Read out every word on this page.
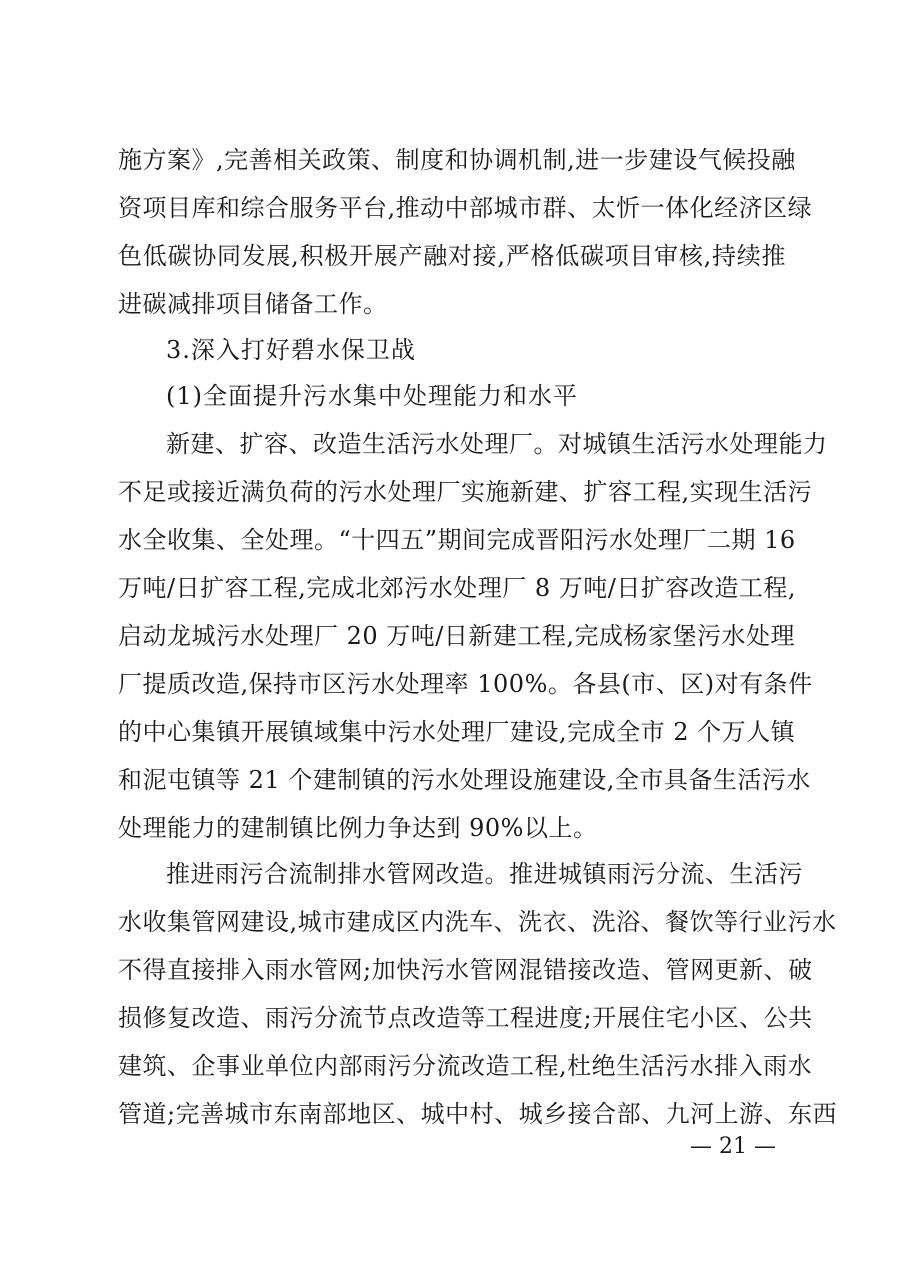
施方案》,完善相关政策、制度和协调机制,进一步建设气候投融
资项目库和综合服务平台,推动中部城市群、太忻一体化经济区绿
色低碳协同发展,积极开展产融对接,严格低碳项目审核,持续推
进碳减排项目储备工作。
3.深入打好碧水保卫战
(1)全面提升污水集中处理能力和水平
新建、扩容、改造生活污水处理厂。对城镇生活污水处理能力
不足或接近满负荷的污水处理厂实施新建、扩容工程,实现生活污
水全收集、全处理。“十四五”期间完成晋阳污水处理厂二期 16
万吨/日扩容工程,完成北郊污水处理厂 8 万吨/日扩容改造工程,
启动龙城污水处理厂 20 万吨/日新建工程,完成杨家堡污水处理
厂提质改造,保持市区污水处理率 100%。各县(市、区)对有条件
的中心集镇开展镇域集中污水处理厂建设,完成全市 2 个万人镇
和泥屯镇等 21 个建制镇的污水处理设施建设,全市具备生活污水
处理能力的建制镇比例力争达到 90%以上。
推进雨污合流制排水管网改造。推进城镇雨污分流、生活污
水收集管网建设,城市建成区内洗车、洗衣、洗浴、餐饮等行业污水
不得直接排入雨水管网;加快污水管网混错接改造、管网更新、破
损修复改造、雨污分流节点改造等工程进度;开展住宅小区、公共
建筑、企事业单位内部雨污分流改造工程,杜绝生活污水排入雨水
管道;完善城市东南部地区、城中村、城乡接合部、九河上游、东西
— 21 —
